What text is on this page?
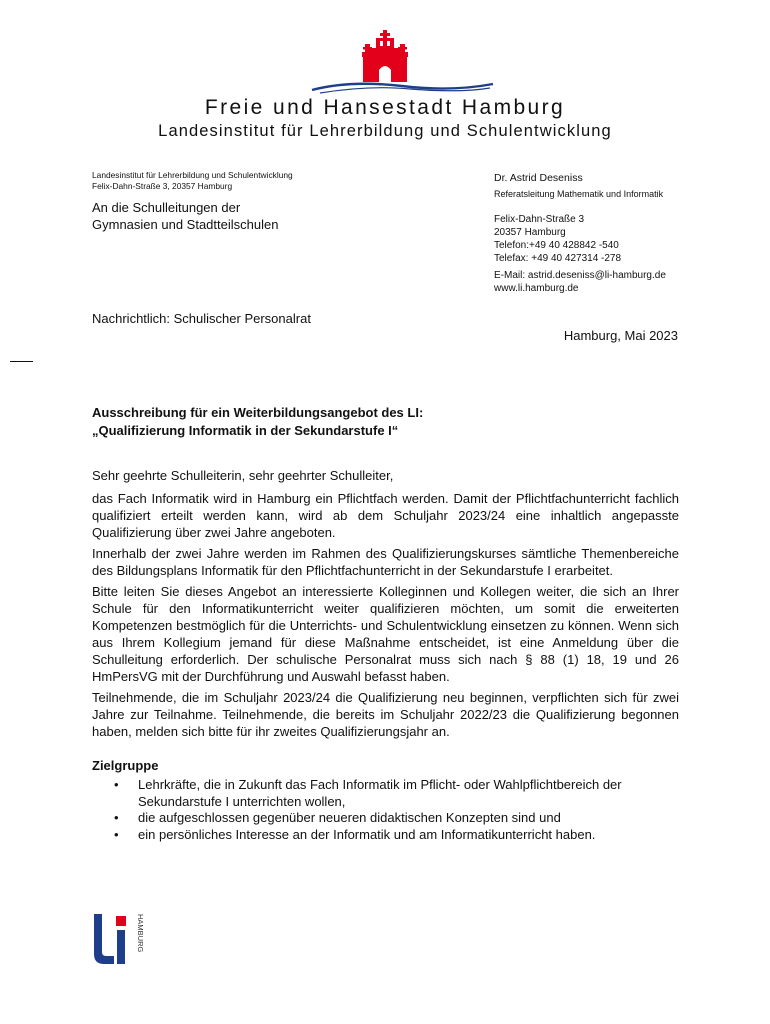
Freie und Hansestadt Hamburg
Landesinstitut für Lehrerbildung und Schulentwicklung
Landesinstitut für Lehrerbildung und Schulentwicklung
Felix-Dahn-Straße 3, 20357 Hamburg
An die Schulleitungen der
Gymnasien und Stadtteilschulen
Dr. Astrid Deseniss
Referatsleitung Mathematik und Informatik
Felix-Dahn-Straße 3
20357 Hamburg
Telefon:+49 40 428842 -540
Telefax: +49 40 427314 -278
E-Mail: astrid.deseniss@li-hamburg.de
www.li.hamburg.de
Nachrichtlich: Schulischer Personalrat
Hamburg, Mai 2023
Ausschreibung für ein Weiterbildungsangebot des LI:
„Qualifizierung Informatik in der Sekundarstufe I“
Sehr geehrte Schulleiterin, sehr geehrter Schulleiter,

das Fach Informatik wird in Hamburg ein Pflichtfach werden. Damit der Pflichtfachunterricht fachlich qualifiziert erteilt werden kann, wird ab dem Schuljahr 2023/24 eine inhaltlich angepasste Qualifizierung über zwei Jahre angeboten.

Innerhalb der zwei Jahre werden im Rahmen des Qualifizierungskurses sämtliche Themenbereiche des Bildungsplans Informatik für den Pflichtfachunterricht in der Sekundarstufe I erarbeitet.

Bitte leiten Sie dieses Angebot an interessierte Kolleginnen und Kollegen weiter, die sich an Ihrer Schule für den Informatikunterricht weiter qualifizieren möchten, um somit die erweiterten Kompetenzen bestmöglich für die Unterrichts- und Schulentwicklung einsetzen zu können. Wenn sich aus Ihrem Kollegium jemand für diese Maßnahme entscheidet, ist eine Anmeldung über die Schulleitung erforderlich. Der schulische Personalrat muss sich nach § 88 (1) 18, 19 und 26 HmPersVG mit der Durchführung und Auswahl befasst haben.

Teilnehmende, die im Schuljahr 2023/24 die Qualifizierung neu beginnen, verpflichten sich für zwei Jahre zur Teilnahme. Teilnehmende, die bereits im Schuljahr 2022/23 die Qualifizierung begonnen haben, melden sich bitte für ihr zweites Qualifizierungsjahr an.

Zielgruppe
• Lehrkräfte, die in Zukunft das Fach Informatik im Pflicht- oder Wahlpflichtbereich der Sekundarstufe I unterrichten wollen,
• die aufgeschlossen gegenüber neueren didaktischen Konzepten sind und
• ein persönliches Interesse an der Informatik und am Informatikunterricht haben.
HAMBURG
